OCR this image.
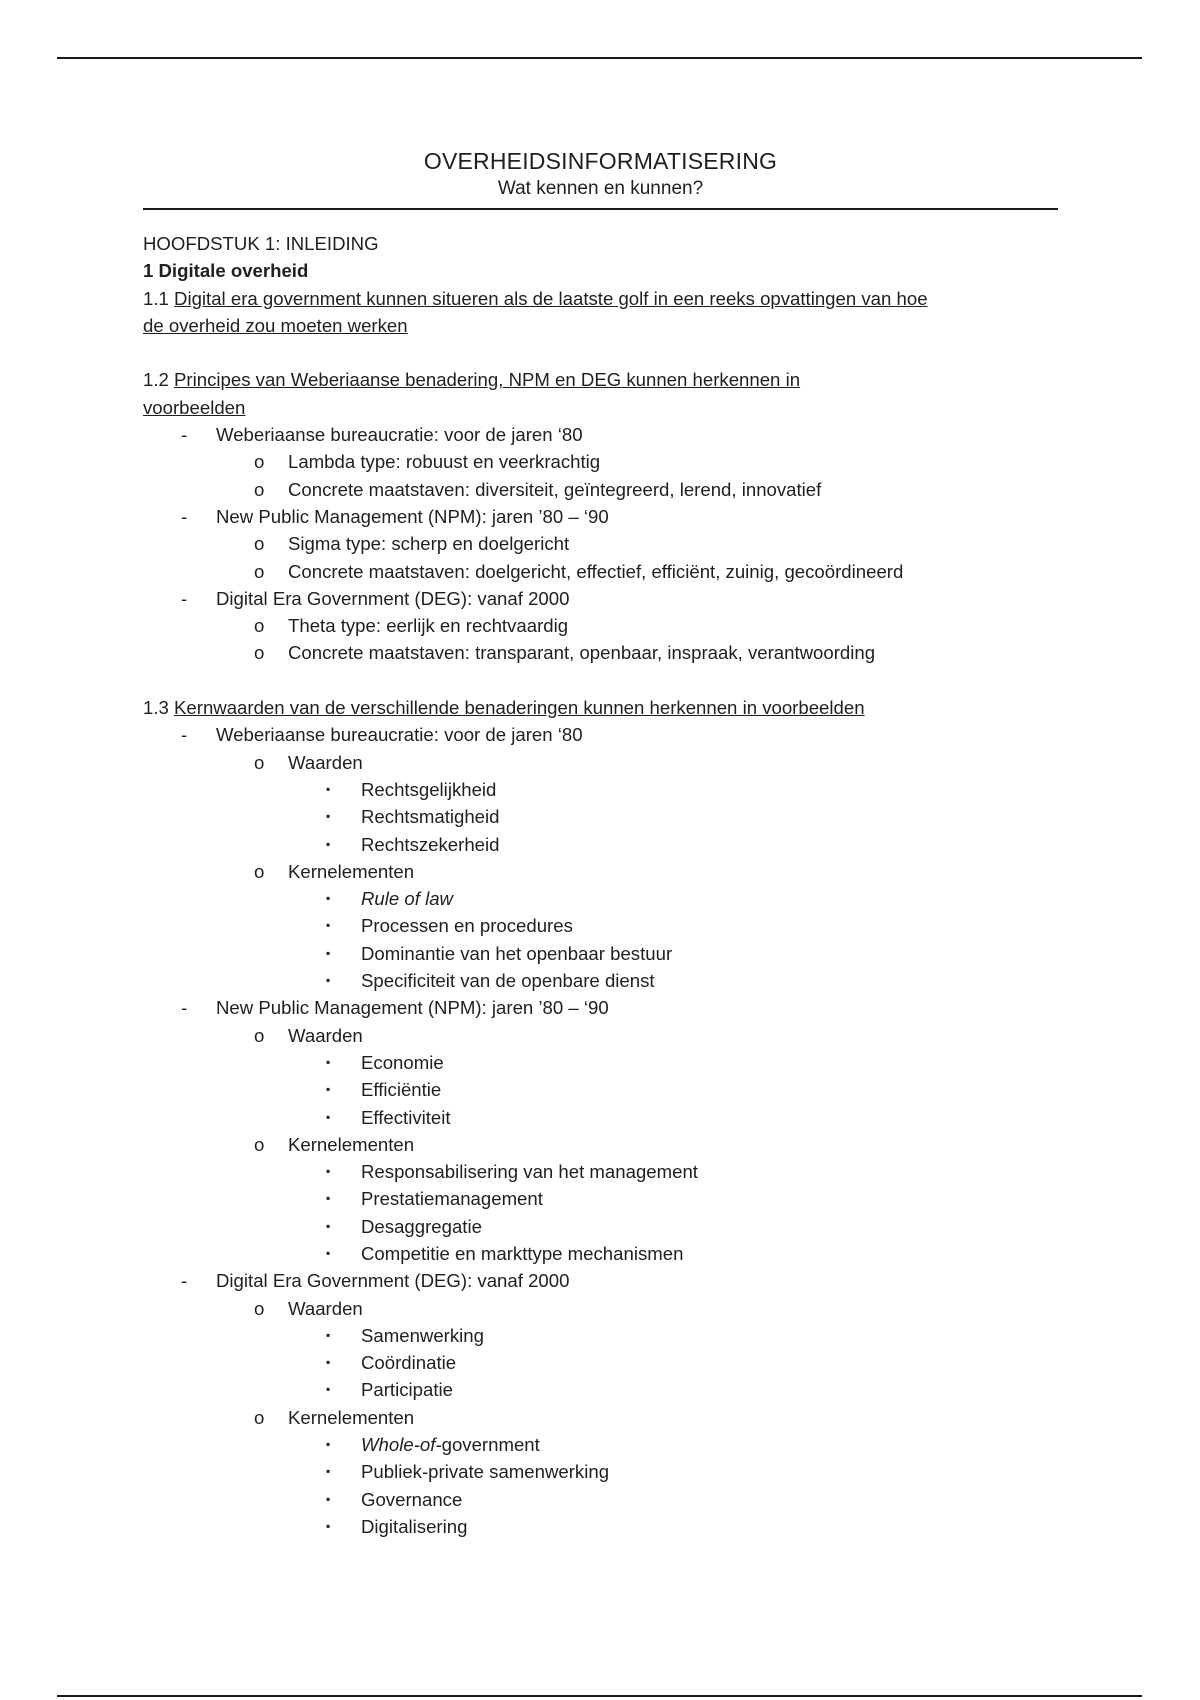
OVERHEIDSINFORMATISERING
Wat kennen en kunnen?
HOOFDSTUK 1: INLEIDING
1 Digitale overheid
1.1 Digital era government kunnen situeren als de laatste golf in een reeks opvattingen van hoe
de overheid zou moeten werken
1.2 Principes van Weberiaanse benadering, NPM en DEG kunnen herkennen in
voorbeelden
- Weberiaanse bureaucratie: voor de jaren ‘80
o Lambda type: robuust en veerkrachtig
o Concrete maatstaven: diversiteit, geïntegreerd, lerend, innovatief
- New Public Management (NPM): jaren ’80 – ‘90
o Sigma type: scherp en doelgericht
o Concrete maatstaven: doelgericht, effectief, efficiënt, zuinig, gecoördineerd
- Digital Era Government (DEG): vanaf 2000
o Theta type: eerlijk en rechtvaardig
o Concrete maatstaven: transparant, openbaar, inspraak, verantwoording
1.3 Kernwaarden van de verschillende benaderingen kunnen herkennen in voorbeelden
- Weberiaanse bureaucratie: voor de jaren ‘80
o Waarden
▪ Rechtsgelijkheid
▪ Rechtsmatigheid
▪ Rechtszekerheid
o Kernelementen
▪ Rule of law
▪ Processen en procedures
▪ Dominantie van het openbaar bestuur
▪ Specificiteit van de openbare dienst
- New Public Management (NPM): jaren ’80 – ‘90
o Waarden
▪ Economie
▪ Efficiëntie
▪ Effectiviteit
o Kernelementen
▪ Responsabilisering van het management
▪ Prestatiemanagement
▪ Desaggregatie
▪ Competitie en markttype mechanismen
- Digital Era Government (DEG): vanaf 2000
o Waarden
▪ Samenwerking
▪ Coördinatie
▪ Participatie
o Kernelementen
▪ Whole-of-government
▪ Publiek-private samenwerking
▪ Governance
▪ Digitalisering
